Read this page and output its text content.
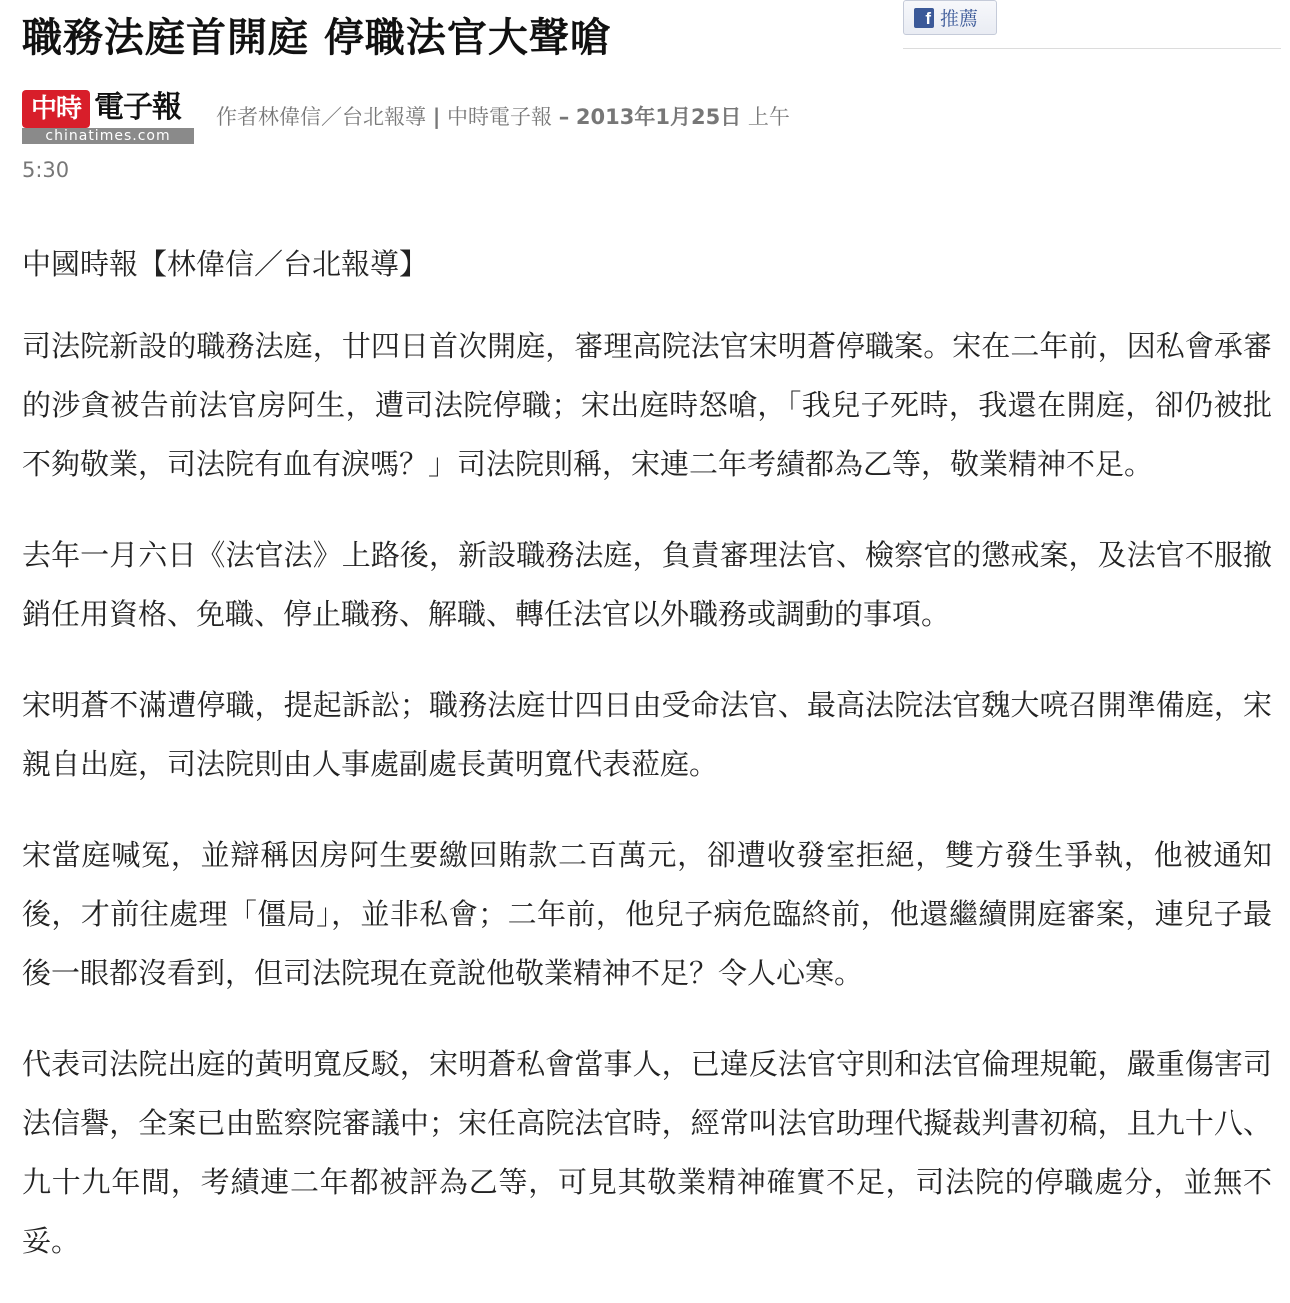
職務法庭首開庭 停職法官大聲嗆	f 推薦
中時 電子報
chinatimes.com
作者林偉信／台北報導 | 中時電子報 – 2013年1月25日 上午
5:30

中國時報【林偉信／台北報導】

司法院新設的職務法庭，廿四日首次開庭，審理高院法官宋明蒼停職案。宋在二年前，因私會承審的涉貪被告前法官房阿生，遭司法院停職；宋出庭時怒嗆，「我兒子死時，我還在開庭，卻仍被批不夠敬業，司法院有血有淚嗎？」司法院則稱，宋連二年考績都為乙等，敬業精神不足。

去年一月六日《法官法》上路後，新設職務法庭，負責審理法官、檢察官的懲戒案，及法官不服撤銷任用資格、免職、停止職務、解職、轉任法官以外職務或調動的事項。

宋明蒼不滿遭停職，提起訴訟；職務法庭廿四日由受命法官、最高法院法官魏大喨召開準備庭，宋親自出庭，司法院則由人事處副處長黃明寬代表蒞庭。

宋當庭喊冤，並辯稱因房阿生要繳回賄款二百萬元，卻遭收發室拒絕，雙方發生爭執，他被通知後，才前往處理「僵局」，並非私會；二年前，他兒子病危臨終前，他還繼續開庭審案，連兒子最後一眼都沒看到，但司法院現在竟說他敬業精神不足？令人心寒。

代表司法院出庭的黃明寬反駁，宋明蒼私會當事人，已違反法官守則和法官倫理規範，嚴重傷害司法信譽，全案已由監察院審議中；宋任高院法官時，經常叫法官助理代擬裁判書初稿，且九十八、九十九年間，考績連二年都被評為乙等，可見其敬業精神確實不足，司法院的停職處分，並無不妥。
